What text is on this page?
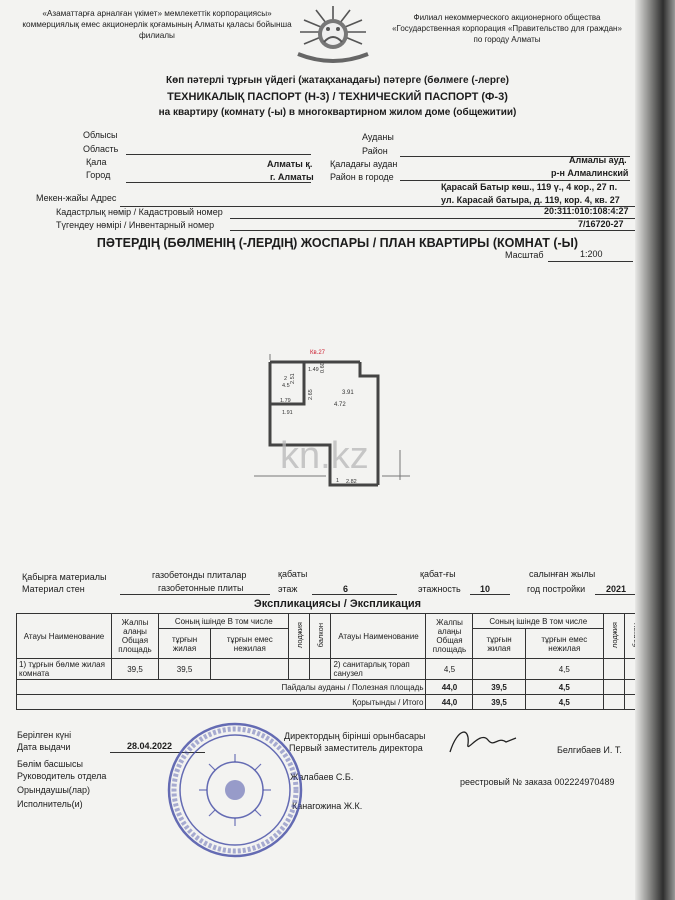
«Азаматтарға арналған үкімет» мемлекеттік корпорациясы» коммерциялық емес акционерлік қоғамының Алматы қаласы бойынша филиалы
Филиал некоммерческого акционерного общества «Государственная корпорация «Правительство для граждан» по городу Алматы
Көп пәтерлі тұрғын үйдегі (жатақханадағы) пәтерге (бөлмеге (-лерге)
ТЕХНИКАЛЫҚ ПАСПОРТ (Н-3) / ТЕХНИЧЕСКИЙ ПАСПОРТ (Ф-3)
на квартиру (комнату (-ы) в многоквартирном жилом доме (общежитии)
Облысы
Область
Ауданы
Район
Қала
Город
Алматы қ.
г. Алматы
Қаладағы аудан
Район в городе
Алмалы ауд.
р-н Алмалинский
Мекен-жайы Адрес
Қарасай Батыр көш., 119 ү., 4 кор., 27 п.
ул. Карасай батыра, д. 119, кор. 4, кв. 27
Кадастрлық нөмір / Кадастровый номер	20:311:010:108:4:27
Түгендеу нөмірі / Инвентарный номер	7/16720-27
ПӘТЕРДІҢ (БӨЛМЕНІҢ (-ЛЕРДІҢ) ЖОСПАРЫ / ПЛАН КВАРТИРЫ (КОМНАТ (-Ы)
Масштаб	1:200
Кв.27
1.49
2.51
0.60
2
4.5
2.65	3.91
4.72
1.79
1.91
2.82
1
kn.kz
Қабырға материалы
Материал стен
газобетонды плиталар
газобетонные плиты
қабаты
этаж	6
қабат-ғы
этажность 10
салынған жылы
год постройки 2021
Экспликациясы / Экспликация
Атауы Наименование	Жалпы алаңы Общая площадь	Соның ішінде В том числе		лоджия	балкон	Атауы Наименование	Жалпы алаңы Общая площадь	Соның ішінде В том числе		лоджия	
		тұрғын жилая	тұрғын емес нежилая					тұрғын жилая	тұрғын емес нежилая		
1) тұрғын бөлме жилая комната	39,5	39,5				2) санитарлық торап санузел	4,5		4,5		
Пайдалы ауданы / Полезная площадь							44,0	39,5	4,5		
Қорытынды / Итого							44,0	39,5	4,5		
Берілген күні
Дата выдачи	28.04.2022
Директордың бірінші орынбасары
Первый заместитель директора	Белгибаев И. Т.
Бөлім басшысы
Руководитель отдела	Жалабаев С.Б.	реестровый № заказа 002224970489
Орындаушы(лар)
Исполнитель(и)	Канагожина Ж.К.
